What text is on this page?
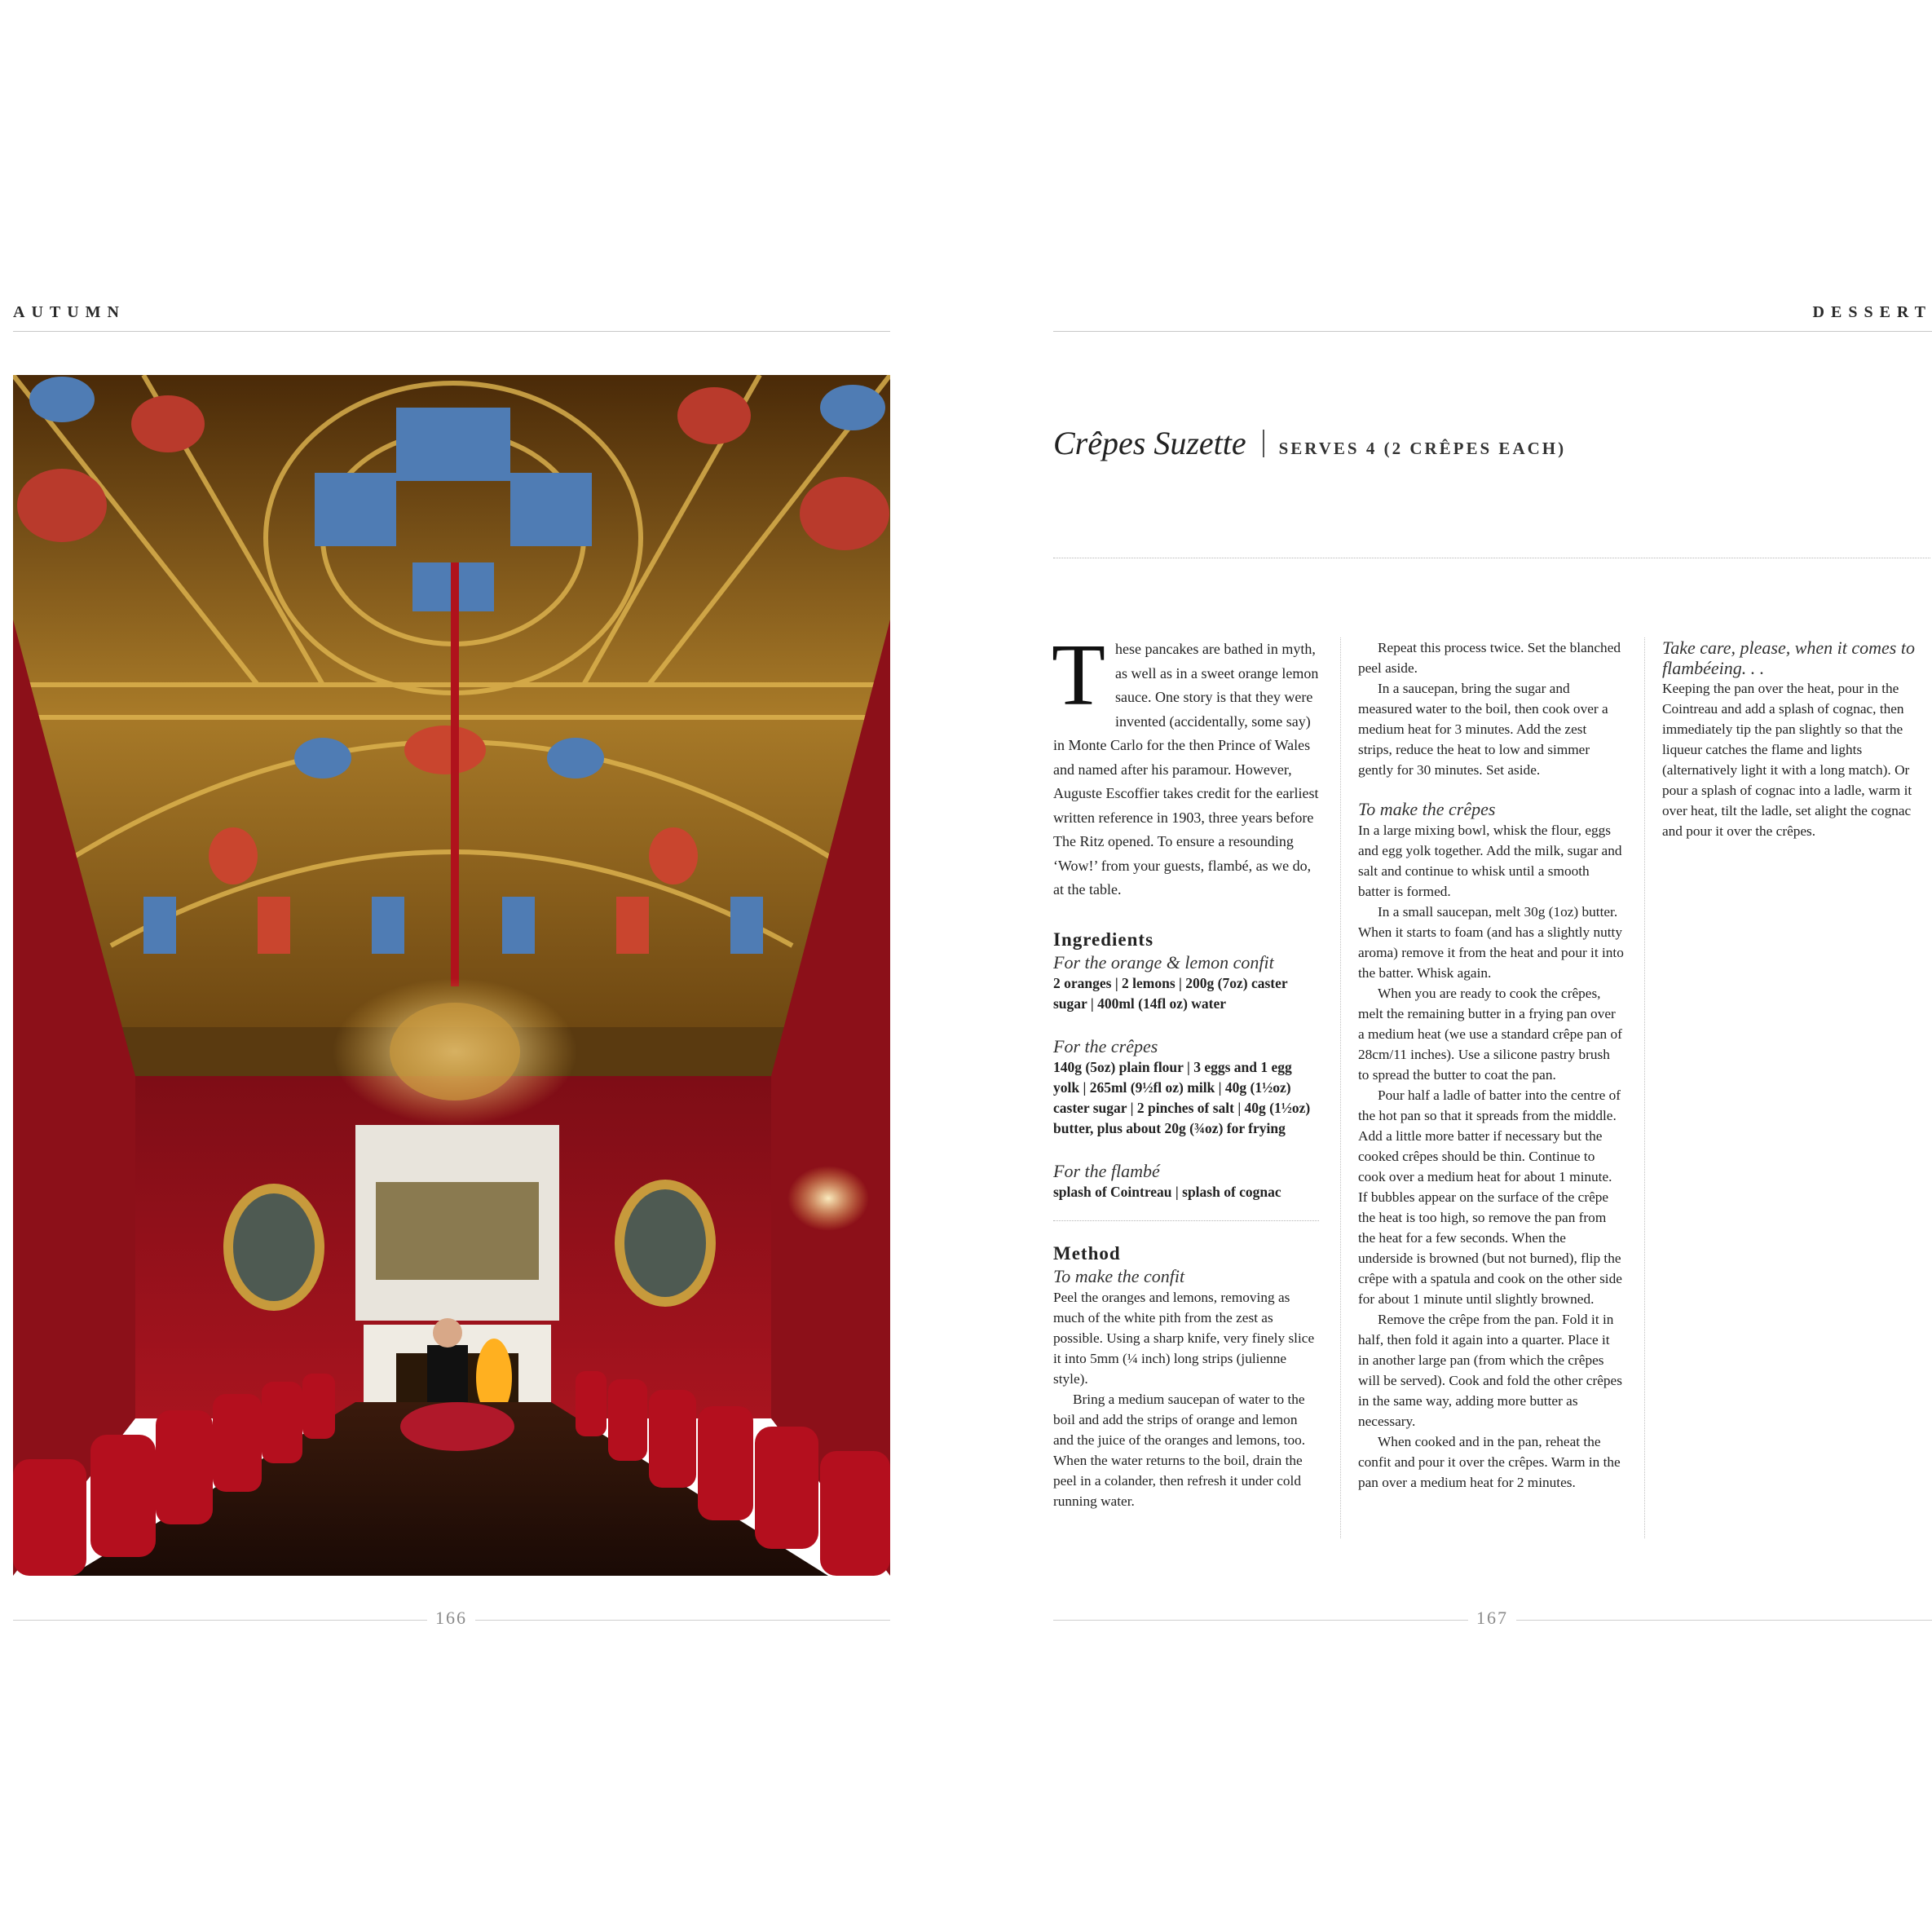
AUTUMN	DESSERT
Crêpes Suzette SERVES 4 (2 CRÊPES EACH)
These pancakes are bathed in myth, as well as in a sweet orange lemon sauce. One story is that they were invented (accidentally, some say) in Monte Carlo for the then Prince of Wales and named after his paramour. However, Auguste Escoffier takes credit for the earliest written reference in 1903, three years before The Ritz opened. To ensure a resounding ‘Wow!’ from your guests, flambé, as we do, at the table.
Ingredients
For the orange & lemon confit
2 oranges | 2 lemons | 200g (7oz) caster sugar | 400ml (14fl oz) water
For the crêpes
140g (5oz) plain flour | 3 eggs and 1 egg yolk | 265ml (9½fl oz) milk | 40g (1½oz) caster sugar | 2 pinches of salt | 40g (1½oz) butter, plus about 20g (¾oz) for frying
For the flambé
splash of Cointreau | splash of cognac
Method
To make the confit

Peel the oranges and lemons, removing as much of the white pith from the zest as possible. Using a sharp knife, very finely slice it into 5mm (¼ inch) long strips (julienne style).

Bring a medium saucepan of water to the boil and add the strips of orange and lemon and the juice of the oranges and lemons, too. When the water returns to the boil, drain the peel in a colander, then refresh it under cold running water.

Repeat this process twice. Set the blanched peel aside.

In a saucepan, bring the sugar and measured water to the boil, then cook over a medium heat for 3 minutes. Add the zest strips, reduce the heat to low and simmer gently for 30 minutes. Set aside.

To make the crêpes

In a large mixing bowl, whisk the flour, eggs and egg yolk together. Add the milk, sugar and salt and continue to whisk until a smooth batter is formed.

In a small saucepan, melt 30g (1oz) butter. When it starts to foam (and has a slightly nutty aroma) remove it from the heat and pour it into the batter. Whisk again.

When you are ready to cook the crêpes, melt the remaining butter in a frying pan over a medium heat (we use a standard crêpe pan of 28cm/11 inches). Use a silicone pastry brush to spread the butter to coat the pan.

Pour half a ladle of batter into the centre of the hot pan so that it spreads from the middle. Add a little more batter if necessary but the cooked crêpes should be thin. Continue to cook over a medium heat for about 1 minute. If bubbles appear on the surface of the crêpe the heat is too high, so remove the pan from the heat for a few seconds. When the underside is browned (but not burned), flip the crêpe with a spatula and cook on the other side for about 1 minute until slightly browned.

Remove the crêpe from the pan. Fold it in half, then fold it again into a quarter. Place it in another large pan (from which the crêpes will be served). Cook and fold the other crêpes in the same way, adding more butter as necessary.

When cooked and in the pan, reheat the confit and pour it over the crêpes. Warm in the pan over a medium heat for 2 minutes.

Take care, please, when it comes to flambéeing. . .

Keeping the pan over the heat, pour in the Cointreau and add a splash of cognac, then immediately tip the pan slightly so that the liqueur catches the flame and lights (alternatively light it with a long match). Or pour a splash of cognac into a ladle, warm it over heat, tilt the ladle, set alight the cognac and pour it over the crêpes.

166	167
